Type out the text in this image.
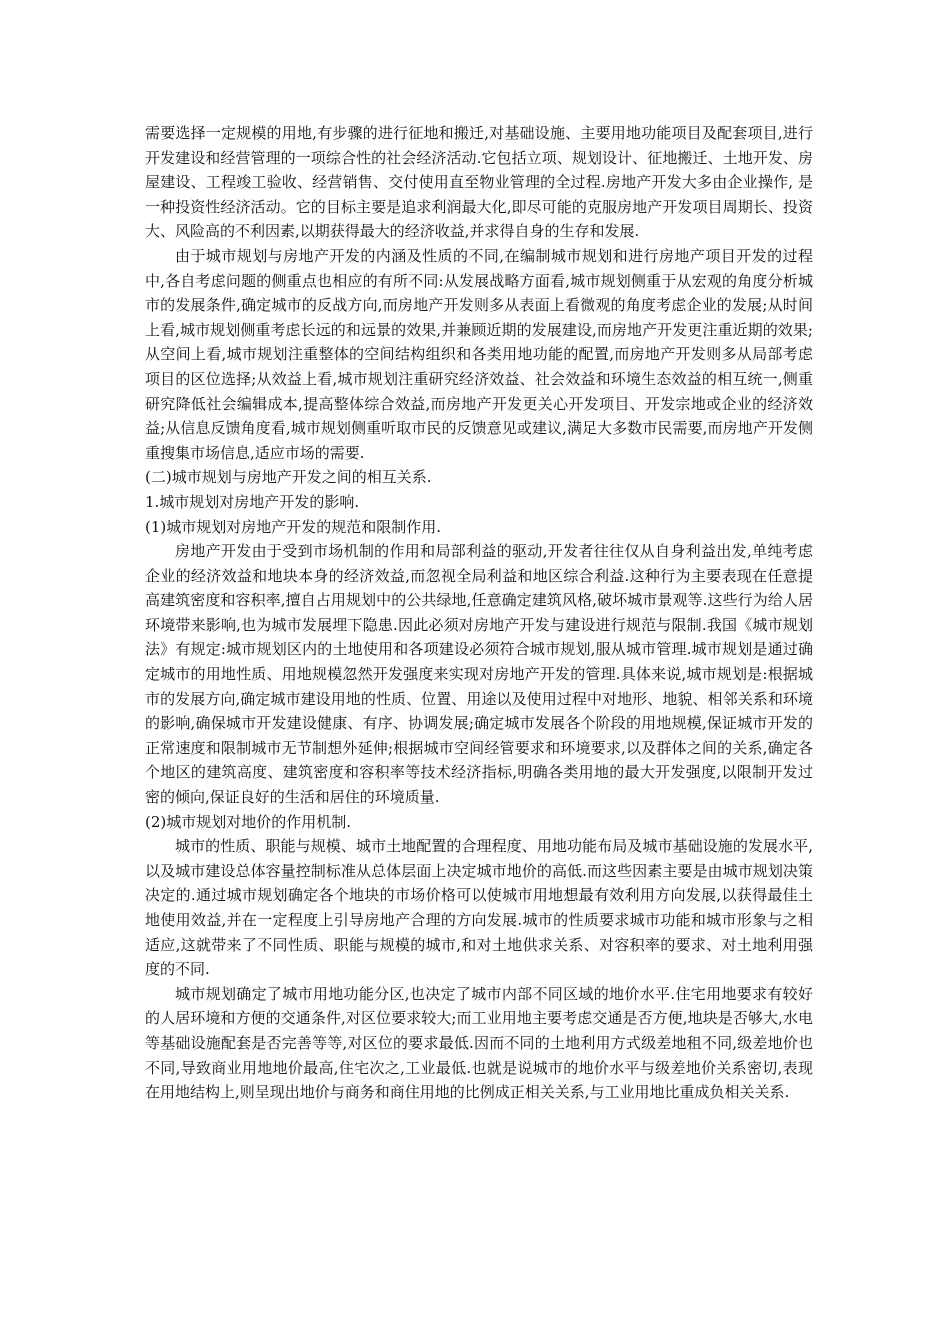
需要选择一定规模的用地,有步骤的进行征地和搬迁,对基础设施、主要用地功能项目及配套项目,进行开发建设和经营管理的一项综合性的社会经济活动.它包括立项、规划设计、征地搬迁、土地开发、房屋建设、工程竣工验收、经营销售、交付使用直至物业管理的全过程.房地产开发大多由企业操作, 是一种投资性经济活动。它的目标主要是追求利润最大化,即尽可能的克服房地产开发项目周期长、投资大、风险高的不利因素,以期获得最大的经济收益,并求得自身的生存和发展.

由于城市规划与房地产开发的内涵及性质的不同,在编制城市规划和进行房地产项目开发的过程中,各自考虑问题的侧重点也相应的有所不同:从发展战略方面看,城市规划侧重于从宏观的角度分析城市的发展条件,确定城市的反战方向,而房地产开发则多从表面上看微观的角度考虑企业的发展;从时间上看,城市规划侧重考虑长远的和远景的效果,并兼顾近期的发展建设,而房地产开发更注重近期的效果;从空间上看,城市规划注重整体的空间结构组织和各类用地功能的配置,而房地产开发则多从局部考虑项目的区位选择;从效益上看,城市规划注重研究经济效益、社会效益和环境生态效益的相互统一,侧重研究降低社会编辑成本,提高整体综合效益,而房地产开发更关心开发项目、开发宗地或企业的经济效益;从信息反馈角度看,城市规划侧重听取市民的反馈意见或建议,满足大多数市民需要,而房地产开发侧重搜集市场信息,适应市场的需要.

(二)城市规划与房地产开发之间的相互关系.

1.城市规划对房地产开发的影响.

(1)城市规划对房地产开发的规范和限制作用.

房地产开发由于受到市场机制的作用和局部利益的驱动,开发者往往仅从自身利益出发,单纯考虑企业的经济效益和地块本身的经济效益,而忽视全局利益和地区综合利益.这种行为主要表现在任意提高建筑密度和容积率,擅自占用规划中的公共绿地,任意确定建筑风格,破坏城市景观等.这些行为给人居环境带来影响,也为城市发展埋下隐患.因此必须对房地产开发与建设进行规范与限制.我国《城市规划法》有规定:城市规划区内的土地使用和各项建设必须符合城市规划,服从城市管理.城市规划是通过确定城市的用地性质、用地规模忽然开发强度来实现对房地产开发的管理.具体来说,城市规划是:根据城市的发展方向,确定城市建设用地的性质、位置、用途以及使用过程中对地形、地貌、相邻关系和环境的影响,确保城市开发建设健康、有序、协调发展;确定城市发展各个阶段的用地规模,保证城市开发的正常速度和限制城市无节制想外延伸;根据城市空间经管要求和环境要求,以及群体之间的关系,确定各个地区的建筑高度、建筑密度和容积率等技术经济指标,明确各类用地的最大开发强度,以限制开发过密的倾向,保证良好的生活和居住的环境质量.

(2)城市规划对地价的作用机制.

城市的性质、职能与规模、城市土地配置的合理程度、用地功能布局及城市基础设施的发展水平,以及城市建设总体容量控制标准从总体层面上决定城市地价的高低.而这些因素主要是由城市规划决策决定的.通过城市规划确定各个地块的市场价格可以使城市用地想最有效利用方向发展,以获得最佳土地使用效益,并在一定程度上引导房地产合理的方向发展.城市的性质要求城市功能和城市形象与之相适应,这就带来了不同性质、职能与规模的城市,和对土地供求关系、对容积率的要求、对土地利用强度的不同.

城市规划确定了城市用地功能分区,也决定了城市内部不同区域的地价水平.住宅用地要求有较好的人居环境和方便的交通条件,对区位要求较大;而工业用地主要考虑交通是否方便,地块是否够大,水电等基础设施配套是否完善等等,对区位的要求最低.因而不同的土地利用方式级差地租不同,级差地价也不同,导致商业用地地价最高,住宅次之,工业最低.也就是说城市的地价水平与级差地价关系密切,表现在用地结构上,则呈现出地价与商务和商住用地的比例成正相关关系,与工业用地比重成负相关关系.
